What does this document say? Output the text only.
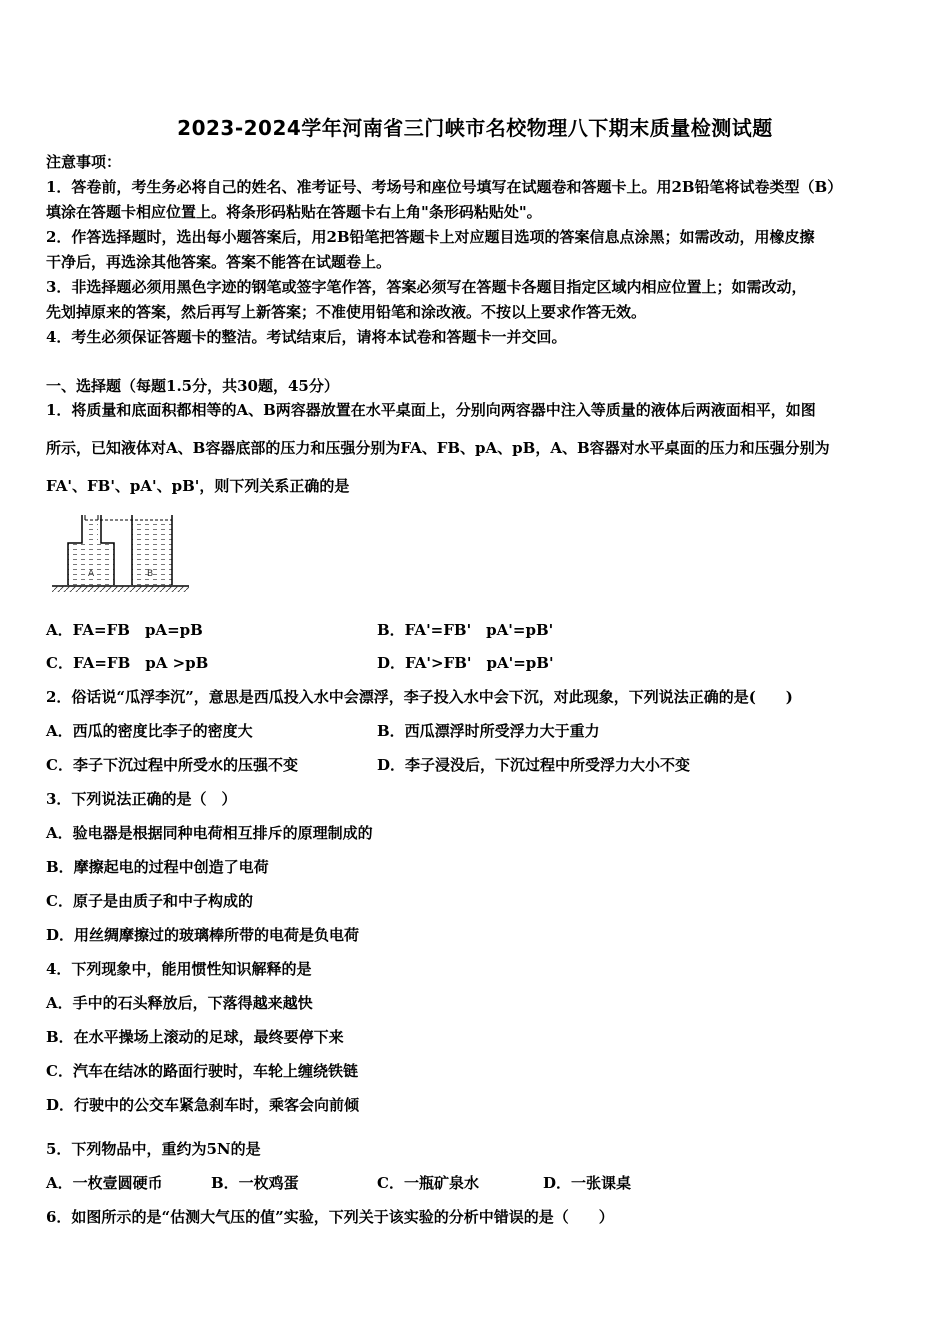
2023-2024学年河南省三门峡市名校物理八下期末质量检测试题
注意事项：
1．答卷前，考生务必将自己的姓名、准考证号、考场号和座位号填写在试题卷和答题卡上。用2B铅笔将试卷类型（B）
填涂在答题卡相应位置上。将条形码粘贴在答题卡右上角"条形码粘贴处"。
2．作答选择题时，选出每小题答案后，用2B铅笔把答题卡上对应题目选项的答案信息点涂黑；如需改动，用橡皮擦
干净后，再选涂其他答案。答案不能答在试题卷上。
3．非选择题必须用黑色字迹的钢笔或签字笔作答，答案必须写在答题卡各题目指定区域内相应位置上；如需改动，
先划掉原来的答案，然后再写上新答案；不准使用铅笔和涂改液。不按以上要求作答无效。
4．考生必须保证答题卡的整洁。考试结束后，请将本试卷和答题卡一并交回。
一、选择题（每题1.5分，共30题，45分）
1．将质量和底面积都相等的A、B两容器放置在水平桌面上，分别向两容器中注入等质量的液体后两液面相平，如图
所示，已知液体对A、B容器底部的压力和压强分别为FA、FB、pA、pB，A、B容器对水平桌面的压力和压强分别为
FA'、FB'、pA'、pB'，则下列关系正确的是
A	B
A．FA=FB　pA=pB	B．FA'=FB'　pA'=pB'
C．FA=FB　pA >pB	D．FA'>FB'　pA'=pB'
2．俗话说“瓜浮李沉”，意思是西瓜投入水中会漂浮，李子投入水中会下沉，对此现象，下列说法正确的是(　　)
A．西瓜的密度比李子的密度大	B．西瓜漂浮时所受浮力大于重力
C．李子下沉过程中所受水的压强不变	D．李子浸没后，下沉过程中所受浮力大小不变
3．下列说法正确的是（　）
A．验电器是根据同种电荷相互排斥的原理制成的
B．摩擦起电的过程中创造了电荷
C．原子是由质子和中子构成的
D．用丝绸摩擦过的玻璃棒所带的电荷是负电荷
4．下列现象中，能用惯性知识解释的是
A．手中的石头释放后，下落得越来越快
B．在水平操场上滚动的足球，最终要停下来
C．汽车在结冰的路面行驶时，车轮上缠绕铁链
D．行驶中的公交车紧急刹车时，乘客会向前倾
5．下列物品中，重约为5N的是
A．一枚壹圆硬币	B．一枚鸡蛋	C．一瓶矿泉水	D．一张课桌
6．如图所示的是“估测大气压的值”实验，下列关于该实验的分析中错误的是（　　）
